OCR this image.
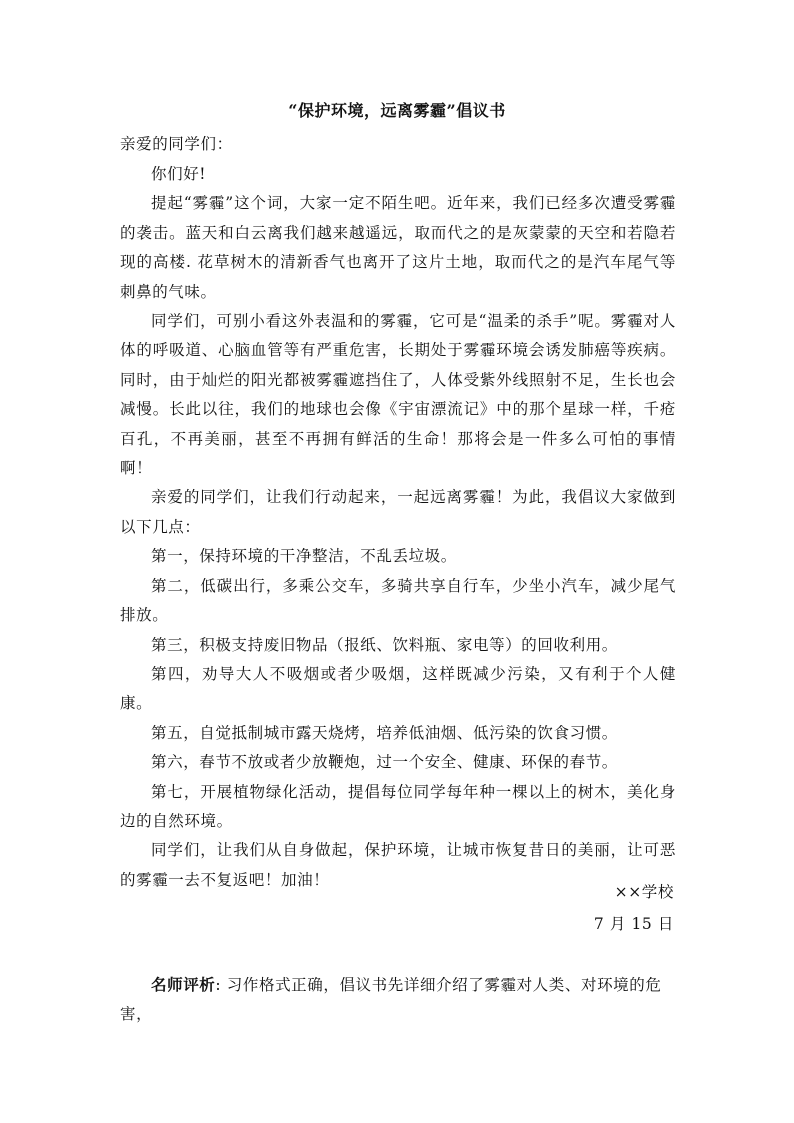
“保护环境，远离雾霾”倡议书
亲爱的同学们：

你们好!

提起“雾霾”这个词，大家一定不陌生吧。近年来，我们已经多次遭受雾霾的袭击。蓝天和白云离我们越来越遥远，取而代之的是灰蒙蒙的天空和若隐若现的高楼. 花草树木的清新香气也离开了这片土地，取而代之的是汽车尾气等刺鼻的气味。

同学们，可别小看这外表温和的雾霾，它可是“温柔的杀手”呢。雾霾对人体的呼吸道、心脑血管等有严重危害，长期处于雾霾环境会诱发肺癌等疾病。同时，由于灿烂的阳光都被雾霾遮挡住了，人体受紫外线照射不足，生长也会减慢。长此以往，我们的地球也会像《宇宙漂流记》中的那个星球一样，千疮百孔，不再美丽，甚至不再拥有鲜活的生命！那将会是一件多么可怕的事情啊！

亲爱的同学们，让我们行动起来，一起远离雾霾！为此，我倡议大家做到以下几点：

第一，保持环境的干净整洁，不乱丢垃圾。

第二，低碳出行，多乘公交车，多骑共享自行车，少坐小汽车，减少尾气排放。

第三，积极支持废旧物品（报纸、饮料瓶、家电等）的回收利用。

第四，劝导大人不吸烟或者少吸烟，这样既减少污染，又有利于个人健康。

第五，自觉抵制城市露天烧烤，培养低油烟、低污染的饮食习惯。

第六，春节不放或者少放鞭炮，过一个安全、健康、环保的春节。

第七，开展植物绿化活动，提倡每位同学每年种一棵以上的树木，美化身边的自然环境。

同学们，让我们从自身做起，保护环境，让城市恢复昔日的美丽，让可恶的雾霾一去不复返吧！加油！

××学校
7 月 15 日
名师评析: 习作格式正确，倡议书先详细介绍了雾霾对人类、对环境的危害，
